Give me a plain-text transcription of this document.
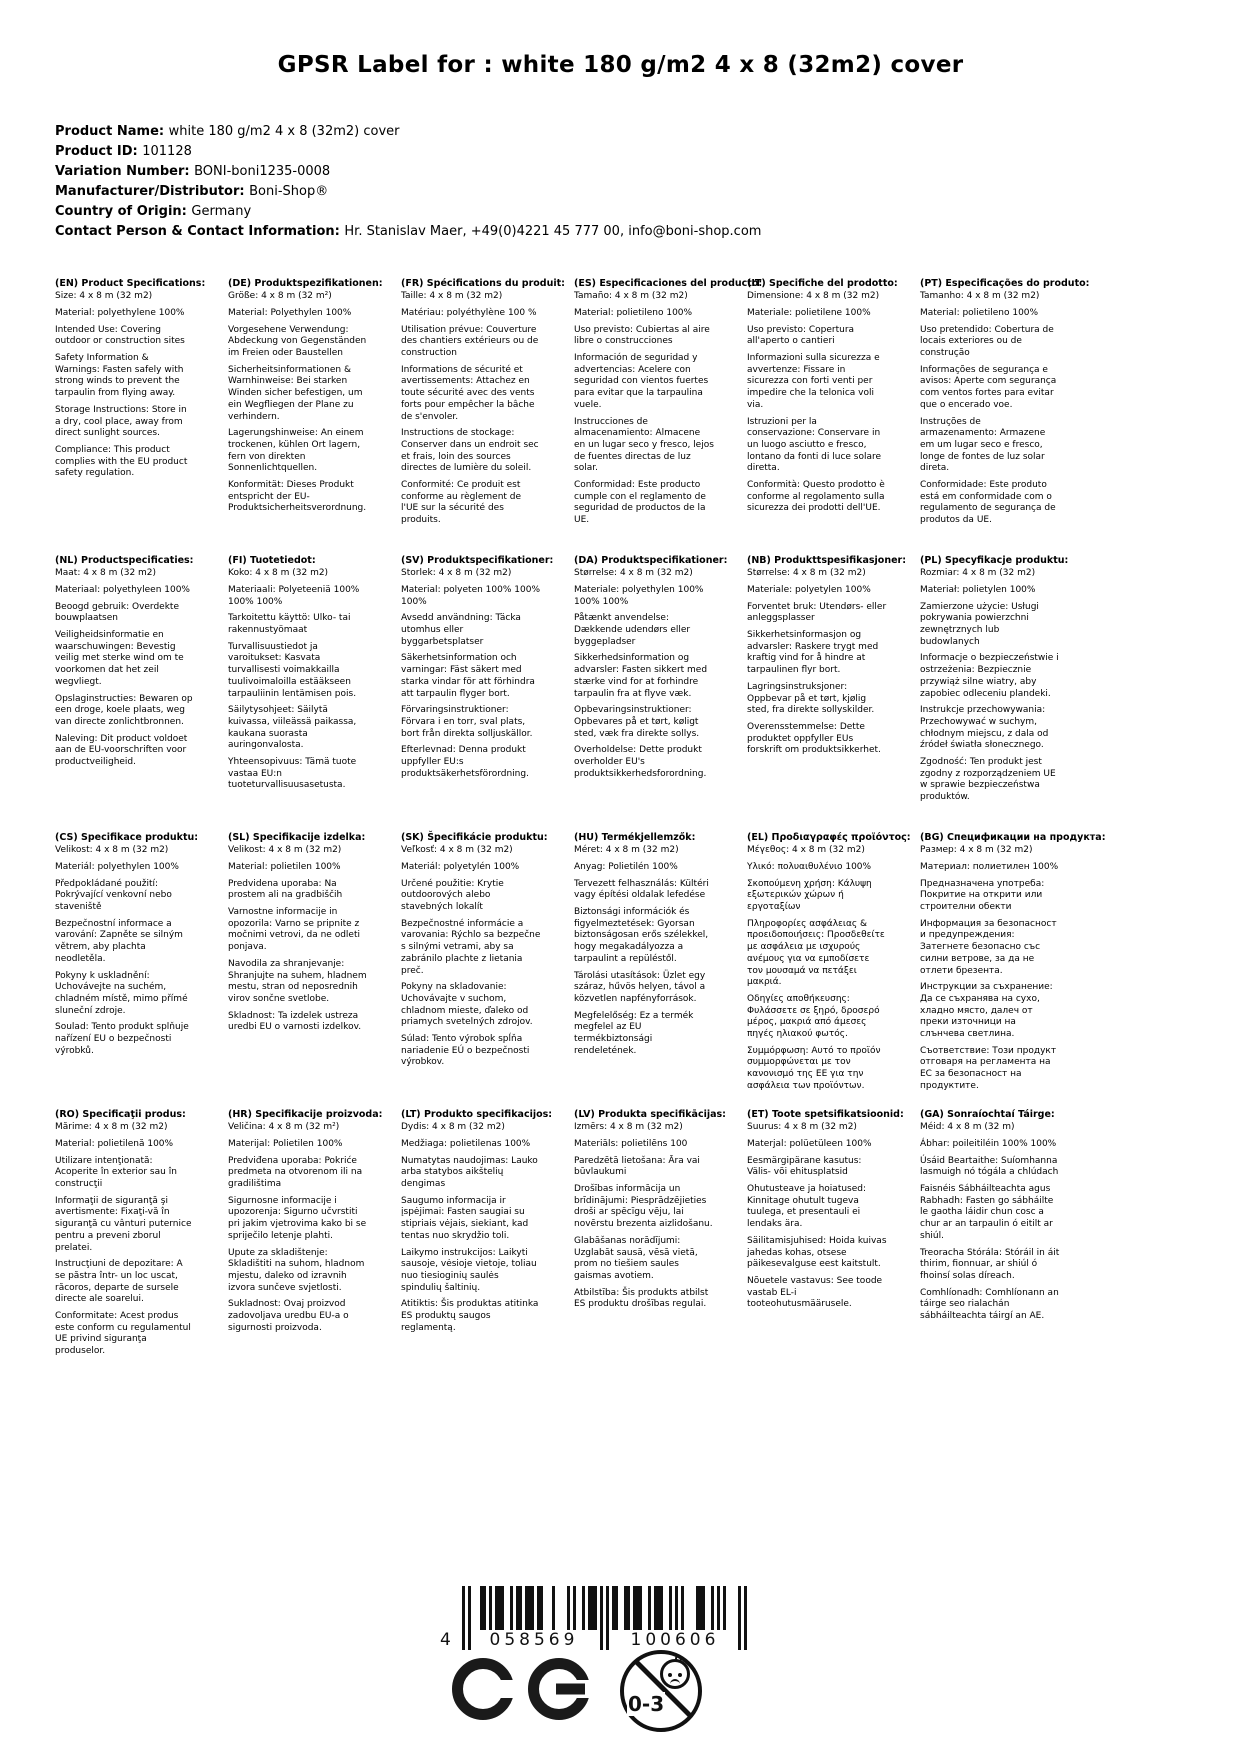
GPSR Label for : white 180 g/m2 4 x 8 (32m2) cover
Product Name: white 180 g/m2 4 x 8 (32m2) cover
Product ID: 101128
Variation Number: BONI-boni1235-0008
Manufacturer/Distributor: Boni-Shop®
Country of Origin: Germany
Contact Person & Contact Information: Hr. Stanislav Maer, +49(0)4221 45 777 00, info@boni-shop.com
(EN) Product Specifications:

Size: 4 x 8 m (32 m2)

Material: polyethylene 100%

Intended Use: Covering outdoor or construction sites

Safety Information & Warnings: Fasten safely with strong winds to prevent the tarpaulin from flying away.

Storage Instructions: Store in a dry, cool place, away from direct sunlight sources.

Compliance: This product complies with the EU product safety regulation.

(DE) Produktspezifikationen:

Größe: 4 x 8 m (32 m²)

Material: Polyethylen 100%

Vorgesehene Verwendung: Abdeckung von Gegenständen im Freien oder Baustellen

Sicherheitsinformationen & Warnhinweise: Bei starken Winden sicher befestigen, um ein Wegfliegen der Plane zu verhindern.

Lagerungshinweise: An einem trockenen, kühlen Ort lagern, fern von direkten Sonnenlichtquellen.

Konformität: Dieses Produkt entspricht der EU-Produktsicherheitsverordnung.

(FR) Spécifications du produit:

Taille: 4 x 8 m (32 m2)

Matériau: polyéthylène 100 %

Utilisation prévue: Couverture des chantiers extérieurs ou de construction

Informations de sécurité et avertissements: Attachez en toute sécurité avec des vents forts pour empêcher la bâche de s'envoler.

Instructions de stockage: Conserver dans un endroit sec et frais, loin des sources directes de lumière du soleil.

Conformité: Ce produit est conforme au règlement de l'UE sur la sécurité des produits.

(ES) Especificaciones del producto:

Tamaño: 4 x 8 m (32 m2)

Material: polietileno 100%

Uso previsto: Cubiertas al aire libre o construcciones

Información de seguridad y advertencias: Acelere con seguridad con vientos fuertes para evitar que la tarpaulina vuele.

Instrucciones de almacenamiento: Almacene en un lugar seco y fresco, lejos de fuentes directas de luz solar.

Conformidad: Este producto cumple con el reglamento de seguridad de productos de la UE.

(IT) Specifiche del prodotto:

Dimensione: 4 x 8 m (32 m2)

Materiale: polietilene 100%

Uso previsto: Copertura all'aperto o cantieri

Informazioni sulla sicurezza e avvertenze: Fissare in sicurezza con forti venti per impedire che la telonica voli via.

Istruzioni per la conservazione: Conservare in un luogo asciutto e fresco, lontano da fonti di luce solare diretta.

Conformità: Questo prodotto è conforme al regolamento sulla sicurezza dei prodotti dell'UE.

(PT) Especificações do produto:

Tamanho: 4 x 8 m (32 m2)

Material: polietileno 100%

Uso pretendido: Cobertura de locais exteriores ou de construção

Informações de segurança e avisos: Aperte com segurança com ventos fortes para evitar que o encerado voe.

Instruções de armazenamento: Armazene em um lugar seco e fresco, longe de fontes de luz solar direta.

Conformidade: Este produto está em conformidade com o regulamento de segurança de produtos da UE.

(NL) Productspecificaties:

Maat: 4 x 8 m (32 m2)

Materiaal: polyethyleen 100%

Beoogd gebruik: Overdekte bouwplaatsen

Veiligheidsinformatie en waarschuwingen: Bevestig veilig met sterke wind om te voorkomen dat het zeil wegvliegt.

Opslaginstructies: Bewaren op een droge, koele plaats, weg van directe zonlichtbronnen.

Naleving: Dit product voldoet aan de EU-voorschriften voor productveiligheid.

(FI) Tuotetiedot:

Koko: 4 x 8 m (32 m2)

Materiaali: Polyeteeniä 100% 100% 100%

Tarkoitettu käyttö: Ulko- tai rakennustyömaat

Turvallisuustiedot ja varoitukset: Kasvata turvallisesti voimakkailla tuulivoimaloilla estääkseen tarpauliinin lentämisen pois.

Säilytysohjeet: Säilytä kuivassa, viileässä paikassa, kaukana suorasta auringonvalosta.

Yhteensopivuus: Tämä tuote vastaa EU:n tuoteturvallisuusasetusta.

(SV) Produktspecifikationer:

Storlek: 4 x 8 m (32 m2)

Material: polyeten 100% 100% 100%

Avsedd användning: Täcka utomhus eller byggarbetsplatser

Säkerhetsinformation och varningar: Fäst säkert med starka vindar för att förhindra att tarpaulin flyger bort.

Förvaringsinstruktioner: Förvara i en torr, sval plats, bort från direkta solljuskällor.

Efterlevnad: Denna produkt uppfyller EU:s produktsäkerhetsförordning.

(DA) Produktspecifikationer:

Størrelse: 4 x 8 m (32 m2)

Materiale: polyethylen 100% 100% 100%

Påtænkt anvendelse: Dækkende udendørs eller byggepladser

Sikkerhedsinformation og advarsler: Fasten sikkert med stærke vind for at forhindre tarpaulin fra at flyve væk.

Opbevaringsinstruktioner: Opbevares på et tørt, køligt sted, væk fra direkte sollys.

Overholdelse: Dette produkt overholder EU's produktsikkerhedsforordning.

(NB) Produkttspesifikasjoner:

Størrelse: 4 x 8 m (32 m2)

Materiale: polyetylen 100%

Forventet bruk: Utendørs- eller anleggsplasser

Sikkerhetsinformasjon og advarsler: Raskere trygt med kraftig vind for å hindre at tarpaulinen flyr bort.

Lagringsinstruksjoner: Oppbevar på et tørt, kjølig sted, fra direkte sollyskilder.

Overensstemmelse: Dette produktet oppfyller EUs forskrift om produktsikkerhet.

(PL) Specyfikacje produktu:

Rozmiar: 4 x 8 m (32 m2)

Materiał: polietylen 100%

Zamierzone użycie: Usługi pokrywania powierzchni zewnętrznych lub budowlanych

Informacje o bezpieczeństwie i ostrzeżenia: Bezpiecznie przywiąż silne wiatry, aby zapobiec odleceniu plandeki.

Instrukcje przechowywania: Przechowywać w suchym, chłodnym miejscu, z dala od źródeł światła słonecznego.

Zgodność: Ten produkt jest zgodny z rozporządzeniem UE w sprawie bezpieczeństwa produktów.

(CS) Specifikace produktu:

Velikost: 4 x 8 m (32 m2)

Materiál: polyethylen 100%

Předpokládané použití: Pokrývající venkovní nebo staveniště

Bezpečnostní informace a varování: Zapněte se silným větrem, aby plachta neodletěla.

Pokyny k uskladnění: Uchovávejte na suchém, chladném místě, mimo přímé sluneční zdroje.

Soulad: Tento produkt splňuje nařízení EU o bezpečnosti výrobků.

(SL) Specifikacije izdelka:

Velikost: 4 x 8 m (32 m2)

Material: polietilen 100%

Predvidena uporaba: Na prostem ali na gradbiščih

Varnostne informacije in opozorila: Varno se pripnite z močnimi vetrovi, da ne odleti ponjava.

Navodila za shranjevanje: Shranjujte na suhem, hladnem mestu, stran od neposrednih virov sončne svetlobe.

Skladnost: Ta izdelek ustreza uredbi EU o varnosti izdelkov.

(SK) Špecifikácie produktu:

Veľkosť: 4 x 8 m (32 m2)

Materiál: polyetylén 100%

Určené použitie: Krytie outdoorových alebo stavebných lokalít

Bezpečnostné informácie a varovania: Rýchlo sa bezpečne s silnými vetrami, aby sa zabránilo plachte z lietania preč.

Pokyny na skladovanie: Uchovávajte v suchom, chladnom mieste, ďaleko od priamych svetelných zdrojov.

Súlad: Tento výrobok spĺňa nariadenie EÚ o bezpečnosti výrobkov.

(HU) Termékjellemzők:

Méret: 4 x 8 m (32 m2)

Anyag: Polietilén 100%

Tervezett felhasználás: Kültéri vagy építési oldalak lefedése

Biztonsági információk és figyelmeztetések: Gyorsan biztonságosan erős szélekkel, hogy megakadályozza a tarpaulint a repüléstől.

Tárolási utasítások: Üzlet egy száraz, hűvös helyen, távol a közvetlen napfényforrások.

Megfelelőség: Ez a termék megfelel az EU termékbiztonsági rendeletének.

(EL) Προδιαγραφές προϊόντος:

Μέγεθος: 4 x 8 m (32 m2)

Υλικό: πολυαιθυλένιο 100%

Σκοπούμενη χρήση: Κάλυψη εξωτερικών χώρων ή εργοταξίων

Πληροφορίες ασφάλειας & προειδοποιήσεις: Προσδεθείτε με ασφάλεια με ισχυρούς ανέμους για να εμποδίσετε τον μουσαμά να πετάξει μακριά.

Οδηγίες αποθήκευσης: Φυλάσσετε σε ξηρό, δροσερό μέρος, μακριά από άμεσες πηγές ηλιακού φωτός.

Συμμόρφωση: Αυτό το προϊόν συμμορφώνεται με τον κανονισμό της ΕΕ για την ασφάλεια των προϊόντων.

(BG) Спецификации на продукта:

Размер: 4 x 8 m (32 m2)

Материал: полиетилен 100%

Предназначена употреба: Покритие на открити или строителни обекти

Информация за безопасност и предупреждения: Затегнете безопасно със силни ветрове, за да не отлети брезента.

Инструкции за съхранение: Да се съхранява на сухо, хладно място, далеч от преки източници на слънчева светлина.

Съответствие: Този продукт отговаря на регламента на ЕС за безопасност на продуктите.

(RO) Specificaţii produs:

Mărime: 4 x 8 m (32 m2)

Material: polietilenă 100%

Utilizare intenţionată: Acoperite în exterior sau în construcţii

Informaţii de siguranţă şi avertismente: Fixaţi-vă în siguranţă cu vânturi puternice pentru a preveni zborul prelatei.

Instrucţiuni de depozitare: A se păstra într- un loc uscat, răcoros, departe de sursele directe ale soarelui.

Conformitate: Acest produs este conform cu regulamentul UE privind siguranţa produselor.

(HR) Specifikacije proizvoda:

Veličina: 4 x 8 m (32 m²)

Materijal: Polietilen 100%

Predviđena uporaba: Pokriće predmeta na otvorenom ili na gradilištima

Sigurnosne informacije i upozorenja: Sigurno učvrstiti pri jakim vjetrovima kako bi se spriječilo letenje plahti.

Upute za skladištenje: Skladištiti na suhom, hladnom mjestu, daleko od izravnih izvora sunčeve svjetlosti.

Sukladnost: Ovaj proizvod zadovoljava uredbu EU-a o sigurnosti proizvoda.

(LT) Produkto specifikacijos:

Dydis: 4 x 8 m (32 m2)

Medžiaga: polietilenas 100%

Numatytas naudojimas: Lauko arba statybos aikštelių dengimas

Saugumo informacija ir įspėjimai: Fasten saugiai su stipriais vėjais, siekiant, kad tentas nuo skrydžio toli.

Laikymo instrukcijos: Laikyti sausoje, vėsioje vietoje, toliau nuo tiesioginių saulės spindulių šaltinių.

Atitiktis: Šis produktas atitinka ES produktų saugos reglamentą.

(LV) Produkta specifikācijas:

Izmērs: 4 x 8 m (32 m2)

Materiāls: polietilēns 100

Paredzētā lietošana: Āra vai būvlaukumi

Drošības informācija un brīdinājumi: Piesprādzējieties droši ar spēcīgu vēju, lai novērstu brezenta aizlidošanu.

Glabāšanas norādījumi: Uzglabāt sausā, vēsā vietā, prom no tiešiem saules gaismas avotiem.

Atbilstība: Šis produkts atbilst ES produktu drošības regulai.

(ET) Toote spetsifikatsioonid:

Suurus: 4 x 8 m (32 m2)

Materjal: polüetüleen 100%

Eesmärgipärane kasutus: Välis- või ehitusplatsid

Ohutusteave ja hoiatused: Kinnitage ohutult tugeva tuulega, et presentauli ei lendaks ära.

Säilitamisjuhised: Hoida kuivas jahedas kohas, otsese päikesevalguse eest kaitstult.

Nõuetele vastavus: See toode vastab EL-i tooteohutusmäärusele.

(GA) Sonraíochtaí Táirge:

Méid: 4 x 8 m (32 m)

Ábhar: poileitiléin 100% 100%

Úsáid Beartaithe: Suíomhanna lasmuigh nó tógála a chlúdach

Faisnéis Sábháilteachta agus Rabhadh: Fasten go sábháilte le gaotha láidir chun cosc a chur ar an tarpaulin ó eitilt ar shiúl.

Treoracha Stórála: Stóráil in áit thirim, fionnuar, ar shiúl ó fhoinsí solas díreach.

Comhlíonadh: Comhlíonann an táirge seo rialachán sábháilteachta táirgí an AE.

4	058569	100606
0-3
